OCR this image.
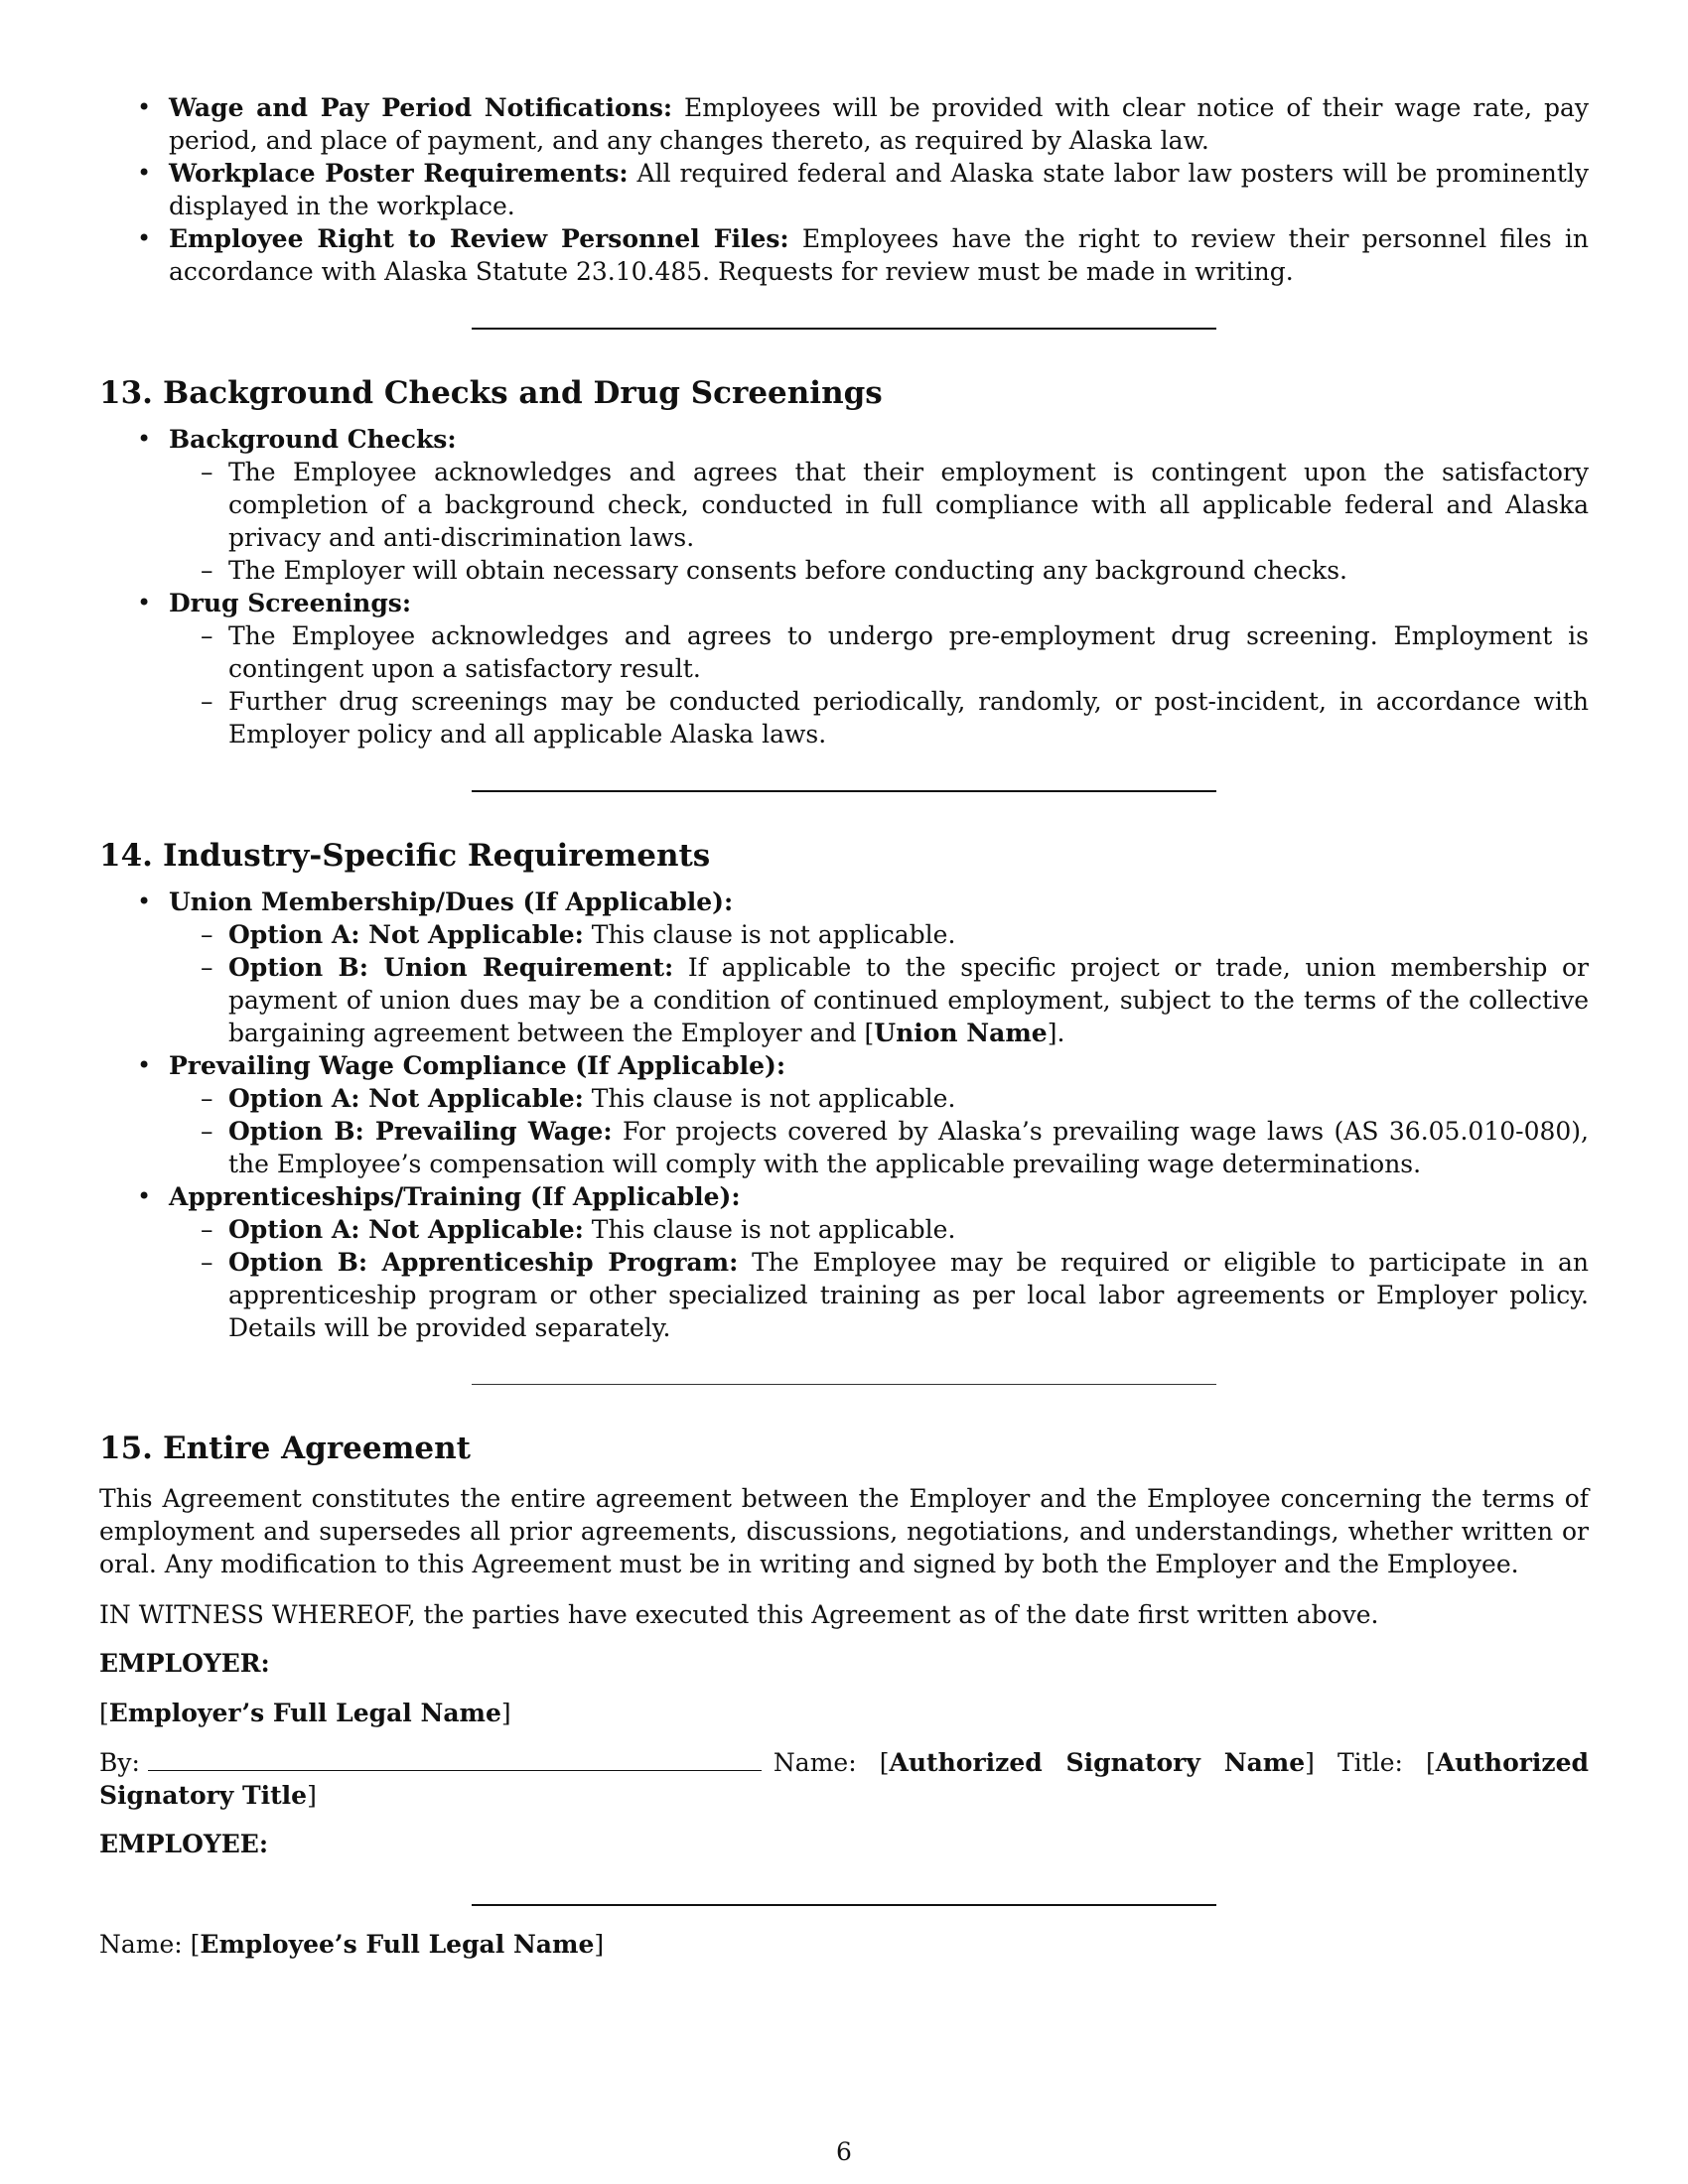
• Wage and Pay Period Notifications: Employees will be provided with clear notice of their wage rate, pay period, and place of payment, and any changes thereto, as required by Alaska law.
• Workplace Poster Requirements: All required federal and Alaska state labor law posters will be prominently displayed in the workplace.
• Employee Right to Review Personnel Files: Employees have the right to review their personnel files in accordance with Alaska Statute 23.10.485. Requests for review must be made in writing.
13. Background Checks and Drug Screenings
• Background Checks:
– The Employee acknowledges and agrees that their employment is contingent upon the satisfactory completion of a background check, conducted in full compliance with all applicable federal and Alaska privacy and anti-discrimination laws.
– The Employer will obtain necessary consents before conducting any background checks.
• Drug Screenings:
– The Employee acknowledges and agrees to undergo pre-employment drug screening. Employment is contingent upon a satisfactory result.
– Further drug screenings may be conducted periodically, randomly, or post-incident, in accordance with Employer policy and all applicable Alaska laws.
14. Industry-Specific Requirements
• Union Membership/Dues (If Applicable):
– Option A: Not Applicable: This clause is not applicable.
– Option B: Union Requirement: If applicable to the specific project or trade, union membership or payment of union dues may be a condition of continued employment, subject to the terms of the collective bargaining agreement between the Employer and [Union Name].
• Prevailing Wage Compliance (If Applicable):
– Option A: Not Applicable: This clause is not applicable.
– Option B: Prevailing Wage: For projects covered by Alaska’s prevailing wage laws (AS 36.05.010-080), the Employee’s compensation will comply with the applicable prevailing wage determinations.
• Apprenticeships/Training (If Applicable):
– Option A: Not Applicable: This clause is not applicable.
– Option B: Apprenticeship Program: The Employee may be required or eligible to participate in an apprenticeship program or other specialized training as per local labor agreements or Employer policy. Details will be provided separately.
15. Entire Agreement

This Agreement constitutes the entire agreement between the Employer and the Employee concerning the terms of employment and supersedes all prior agreements, discussions, negotiations, and understandings, whether written or oral. Any modification to this Agreement must be in writing and signed by both the Employer and the Employee.

IN WITNESS WHEREOF, the parties have executed this Agreement as of the date first written above.

EMPLOYER:

[Employer’s Full Legal Name]

By:	Name: [Authorized Signatory Name] Title: [Authorized Signatory Title]

EMPLOYEE:

Name: [Employee’s Full Legal Name]

6
